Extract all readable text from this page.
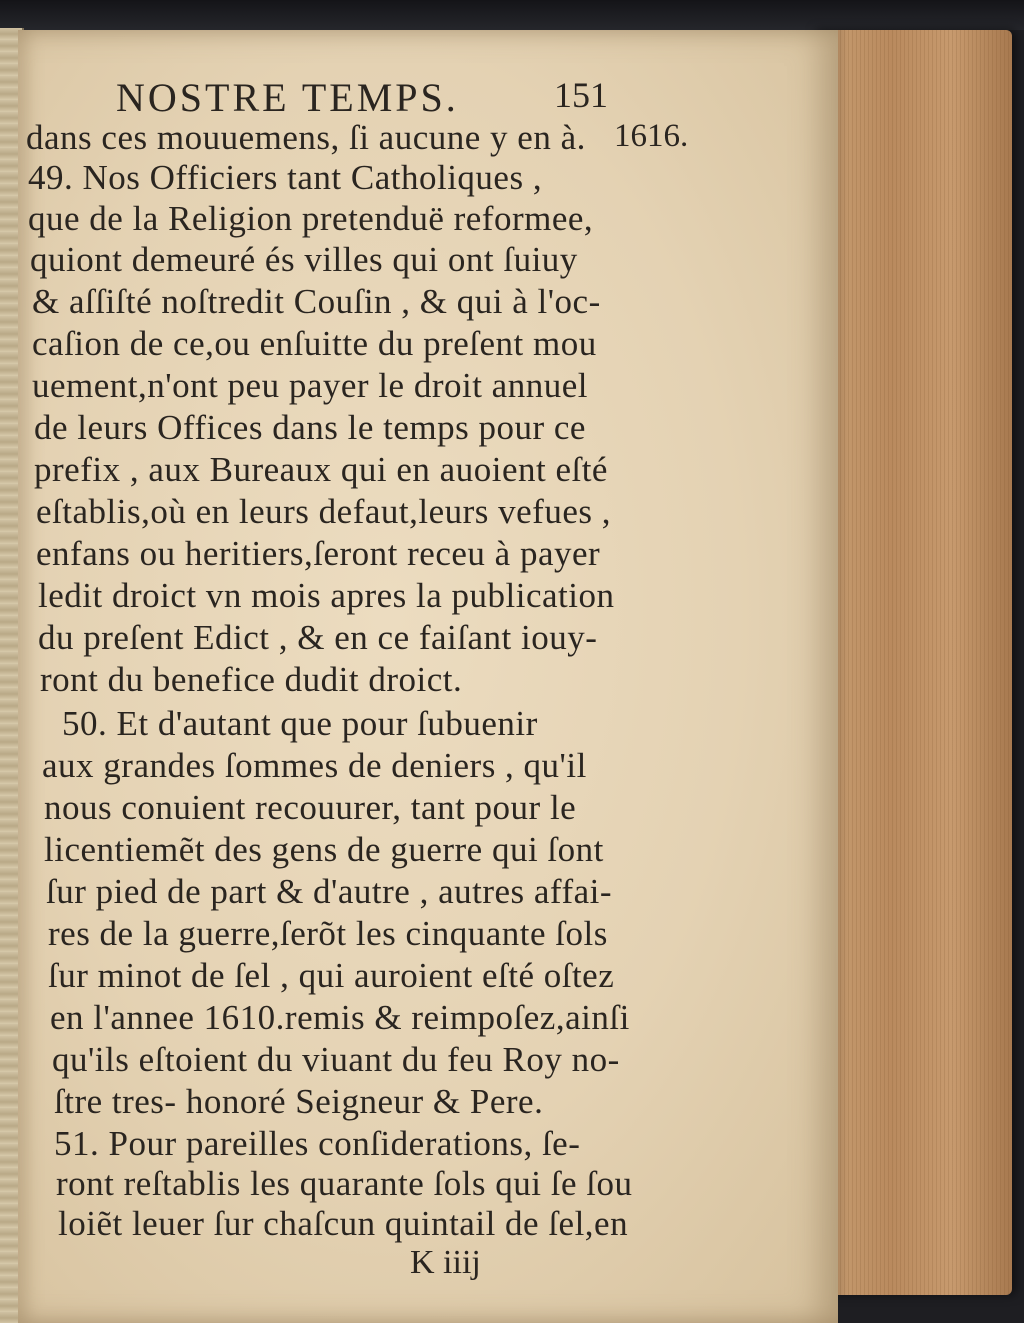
NOSTRE TEMPS.	151
1616.
dans ces mouuemens, ſi aucune y en à.
49. Nos Officiers tant Catholiques ,
que de la Religion pretenduë reformee,
quiont demeuré és villes qui ont ſuiuy
& aſſiſté noſtredit Couſin , & qui à l'oc-
caſion de ce,ou enſuitte du preſent mou
uement,n'ont peu payer le droit annuel
de leurs Offices dans le temps pour ce
prefix , aux Bureaux qui en auoient eſté
eſtablis,où en leurs defaut,leurs vefues ,
enfans ou heritiers,ſeront receu à payer
ledit droict vn mois apres la publication
du preſent Edict , & en ce faiſant iouy-
ront du benefice dudit droict.
50. Et d'autant que pour ſubuenir
aux grandes ſommes de deniers , qu'il
nous conuient recouurer, tant pour le
licentiemẽt des gens de guerre qui ſont
ſur pied de part & d'autre , autres affai-
res de la guerre,ſerõt les cinquante ſols
ſur minot de ſel , qui auroient eſté oſtez
en l'annee 1610.remis & reimpoſez,ainſi
qu'ils eſtoient du viuant du feu Roy no-
ſtre tres- honoré Seigneur & Pere.
51. Pour pareilles conſiderations, ſe-
ront reſtablis les quarante ſols qui ſe ſou
loiẽt leuer ſur chaſcun quintail de ſel,en
K iiij
